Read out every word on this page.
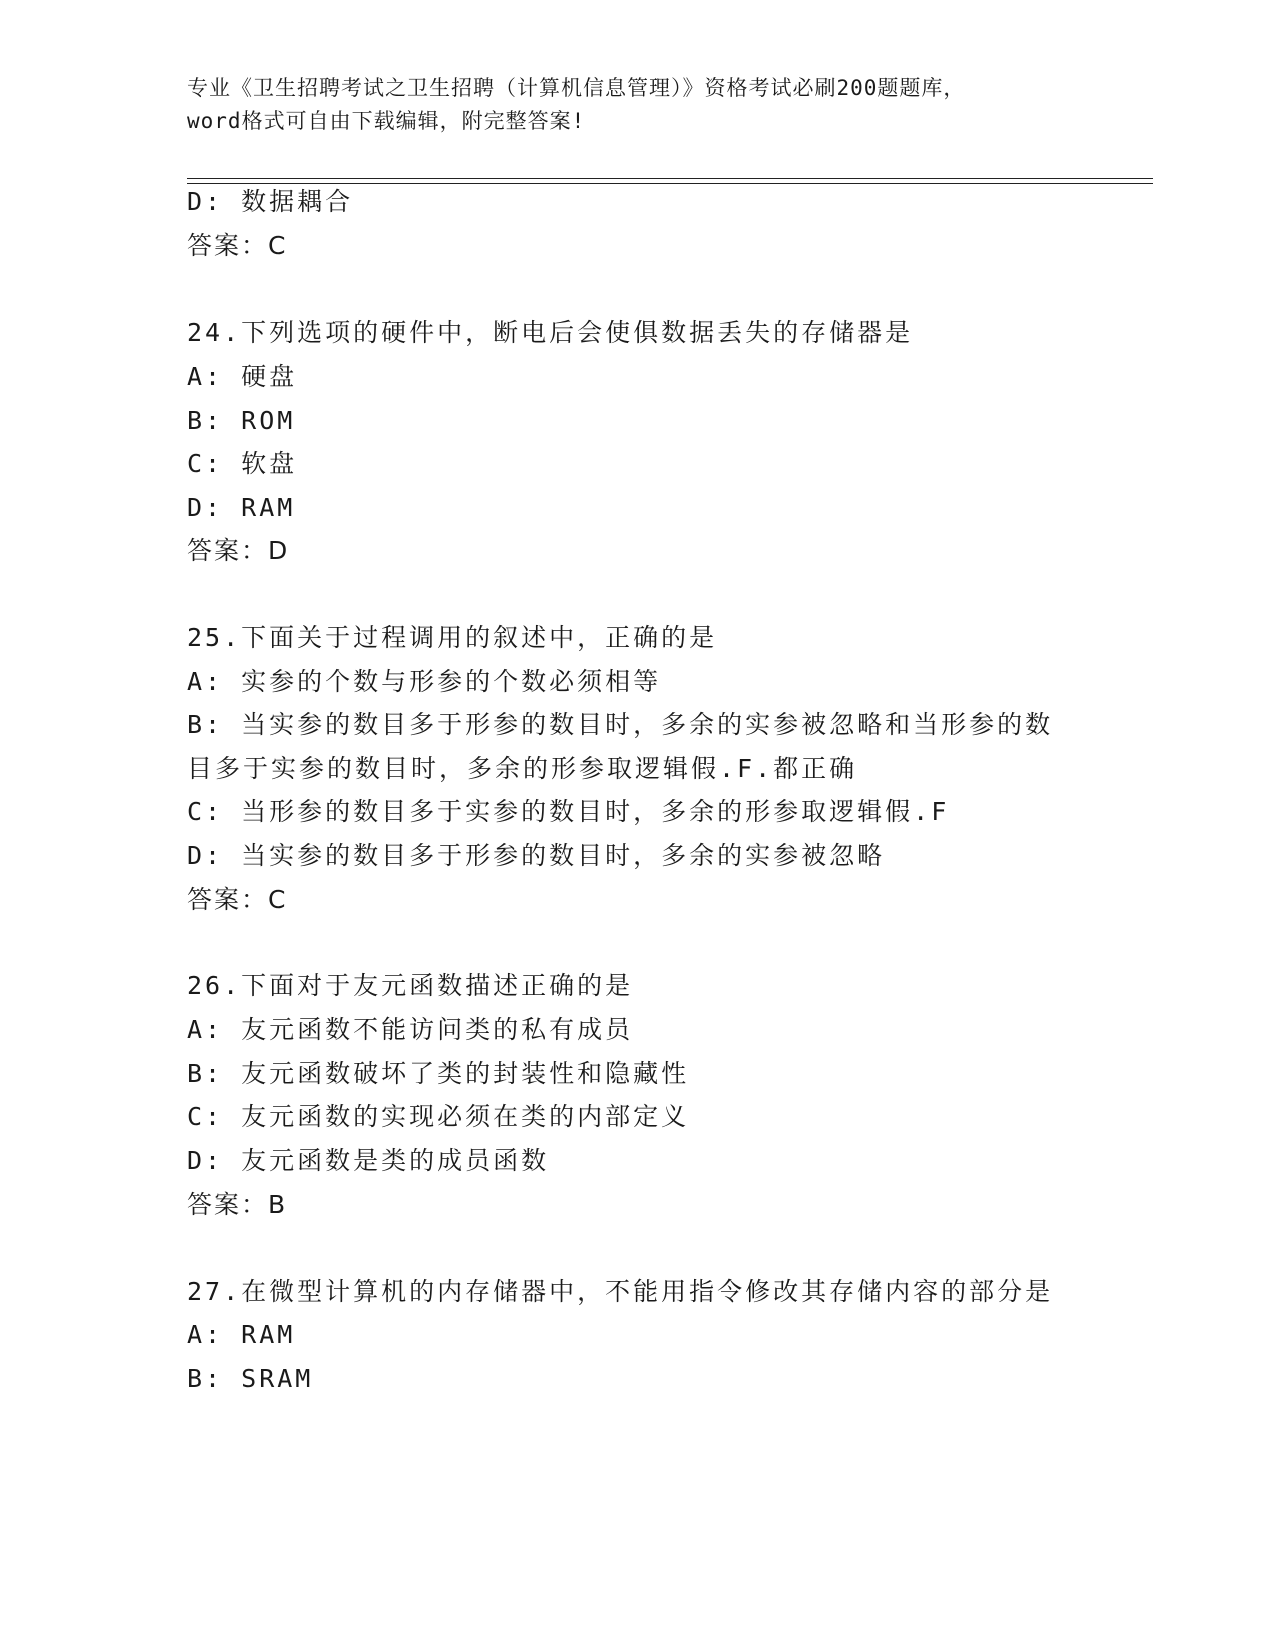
专业《卫生招聘考试之卫生招聘（计算机信息管理）》资格考试必刷200题题库，
word格式可自由下载编辑，附完整答案!
D: 数据耦合
答案：C
24.下列选项的硬件中，断电后会使俱数据丢失的存储器是
A: 硬盘
B: ROM
C: 软盘
D: RAM
答案：D
25.下面关于过程调用的叙述中，正确的是
A: 实参的个数与形参的个数必须相等
B: 当实参的数目多于形参的数目时，多余的实参被忽略和当形参的数
目多于实参的数目时，多余的形参取逻辑假.F.都正确
C: 当形参的数目多于实参的数目时，多余的形参取逻辑假.F
D: 当实参的数目多于形参的数目时，多余的实参被忽略
答案：C
26.下面对于友元函数描述正确的是
A: 友元函数不能访问类的私有成员
B: 友元函数破坏了类的封装性和隐藏性
C: 友元函数的实现必须在类的内部定义
D: 友元函数是类的成员函数
答案：B
27.在微型计算机的内存储器中，不能用指令修改其存储内容的部分是
A: RAM
B: SRAM
